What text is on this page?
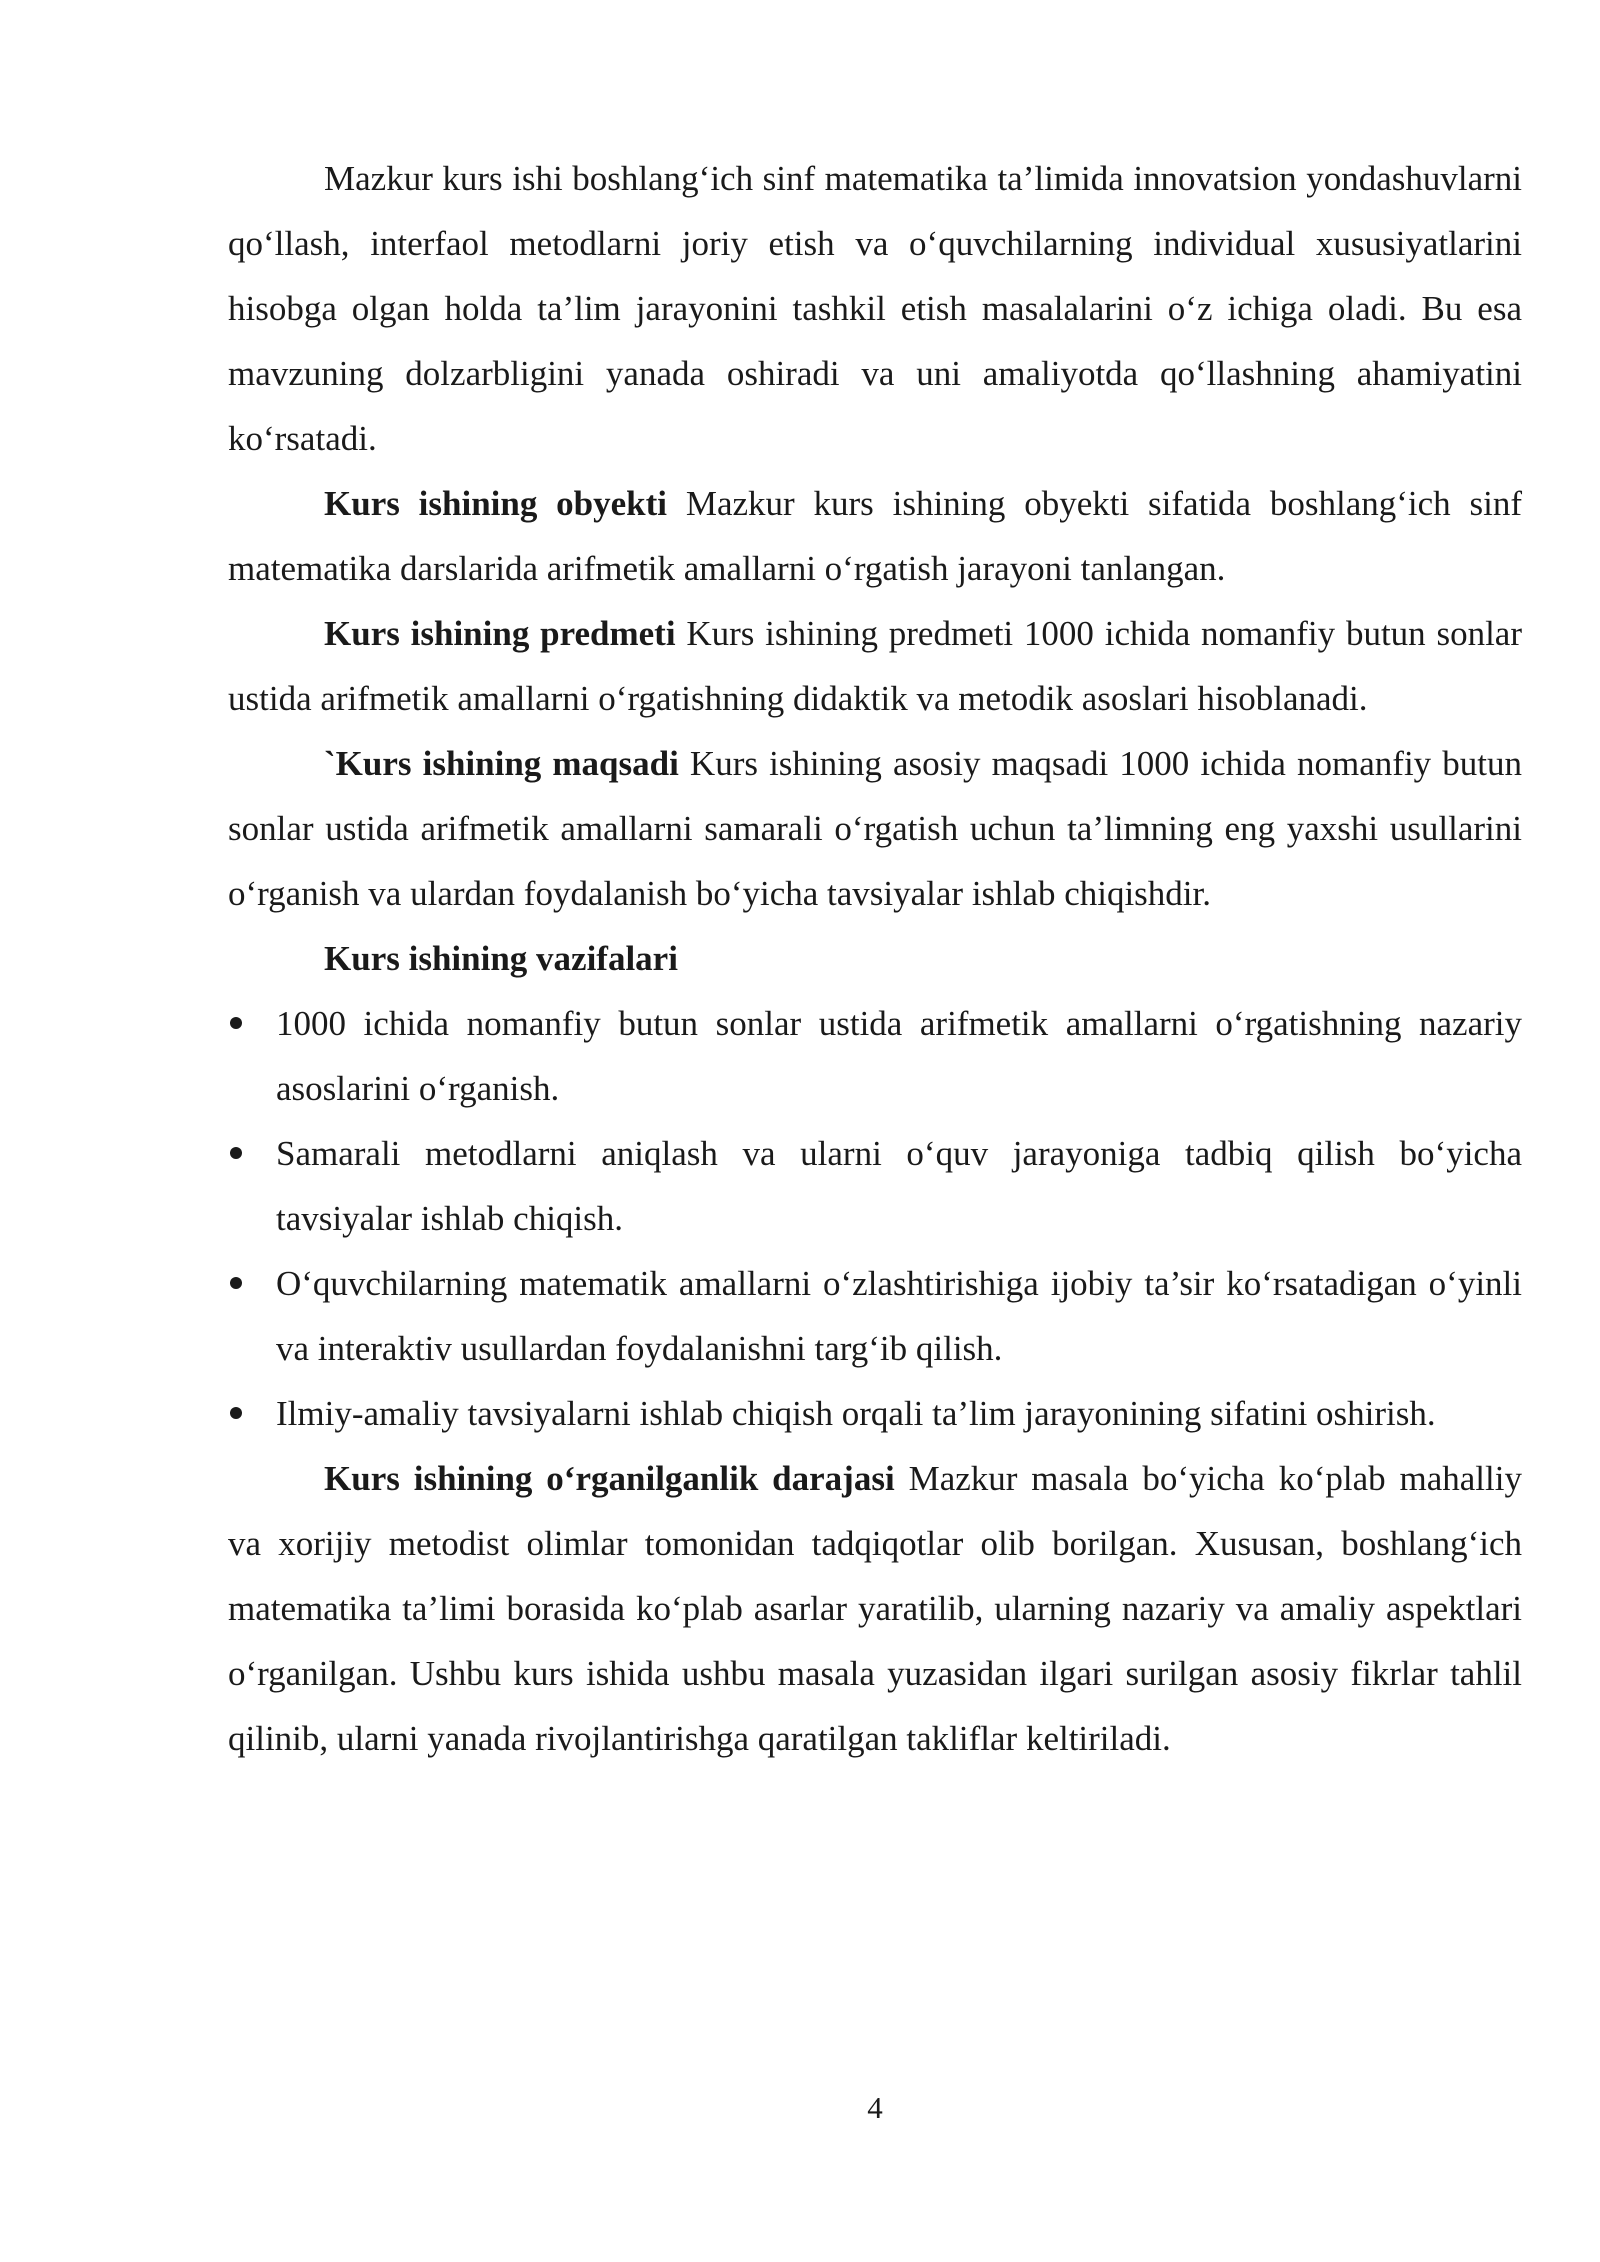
Mazkur kurs ishi boshlang‘ich sinf matematika ta’limida innovatsion yondashuvlarni qo‘llash, interfaol metodlarni joriy etish va o‘quvchilarning individual xususiyatlarini hisobga olgan holda ta’lim jarayonini tashkil etish masalalarini o‘z ichiga oladi. Bu esa mavzuning dolzarbligini yanada oshiradi va uni amaliyotda qo‘llashning ahamiyatini ko‘rsatadi.

Kurs ishining obyekti Mazkur kurs ishining obyekti sifatida boshlang‘ich sinf matematika darslarida arifmetik amallarni o‘rgatish jarayoni tanlangan.

Kurs ishining predmeti Kurs ishining predmeti 1000 ichida nomanfiy butun sonlar ustida arifmetik amallarni o‘rgatishning didaktik va metodik asoslari hisoblanadi.

`Kurs ishining maqsadi Kurs ishining asosiy maqsadi 1000 ichida nomanfiy butun sonlar ustida arifmetik amallarni samarali o‘rgatish uchun ta’limning eng yaxshi usullarini o‘rganish va ulardan foydalanish bo‘yicha tavsiyalar ishlab chiqishdir.

Kurs ishining vazifalari

1000 ichida nomanfiy butun sonlar ustida arifmetik amallarni o‘rgatishning nazariy asoslarini o‘rganish.
Samarali metodlarni aniqlash va ularni o‘quv jarayoniga tadbiq qilish bo‘yicha tavsiyalar ishlab chiqish.
O‘quvchilarning matematik amallarni o‘zlashtirishiga ijobiy ta’sir ko‘rsatadigan o‘yinli va interaktiv usullardan foydalanishni targ‘ib qilish.
Ilmiy-amaliy tavsiyalarni ishlab chiqish orqali ta’lim jarayonining sifatini oshirish.

Kurs ishining o‘rganilganlik darajasi Mazkur masala bo‘yicha ko‘plab mahalliy va xorijiy metodist olimlar tomonidan tadqiqotlar olib borilgan. Xususan, boshlang‘ich matematika ta’limi borasida ko‘plab asarlar yaratilib, ularning nazariy va amaliy aspektlari o‘rganilgan. Ushbu kurs ishida ushbu masala yuzasidan ilgari surilgan asosiy fikrlar tahlil qilinib, ularni yanada rivojlantirishga qaratilgan takliflar keltiriladi.

4
